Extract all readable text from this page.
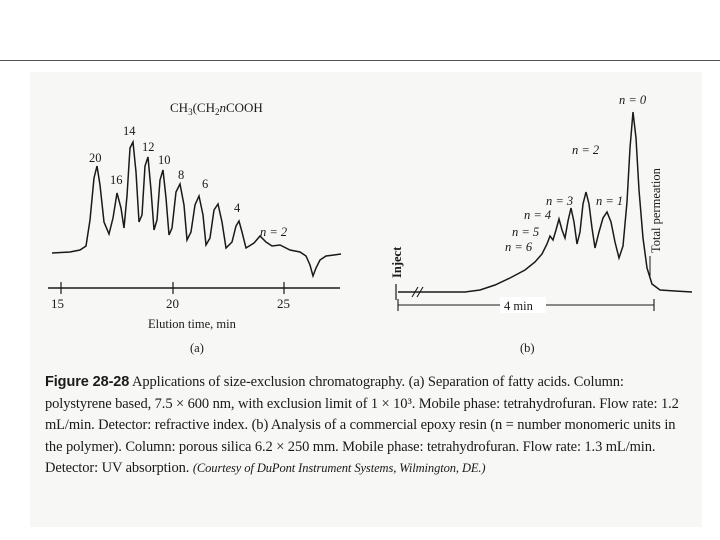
$CH_3(CH_2nCOOH$
15	20	25
Elution time, min
(a)
20
16
14
12
10
8
6
4
n = 2
Inject
4 min
(b)
Total permeation
n = 0
n = 2
n = 3 n = 1
n = 4
n = 5
n = 6
Figure 28-28 Applications of size-exclusion chromatography. (a) Separation of fatty acids. Column: polystyrene based, 7.5 × 600 nm, with exclusion limit of 1 × 10³. Mobile phase: tetrahydrofuran. Flow rate: 1.2 mL/min. Detector: refractive index. (b) Analysis of a commercial epoxy resin (n = number monomeric units in the polymer). Column: porous silica 6.2 × 250 mm. Mobile phase: tetrahydrofuran. Flow rate: 1.3 mL/min. Detector: UV absorption. (Courtesy of DuPont Instrument Systems, Wilmington, DE.)
